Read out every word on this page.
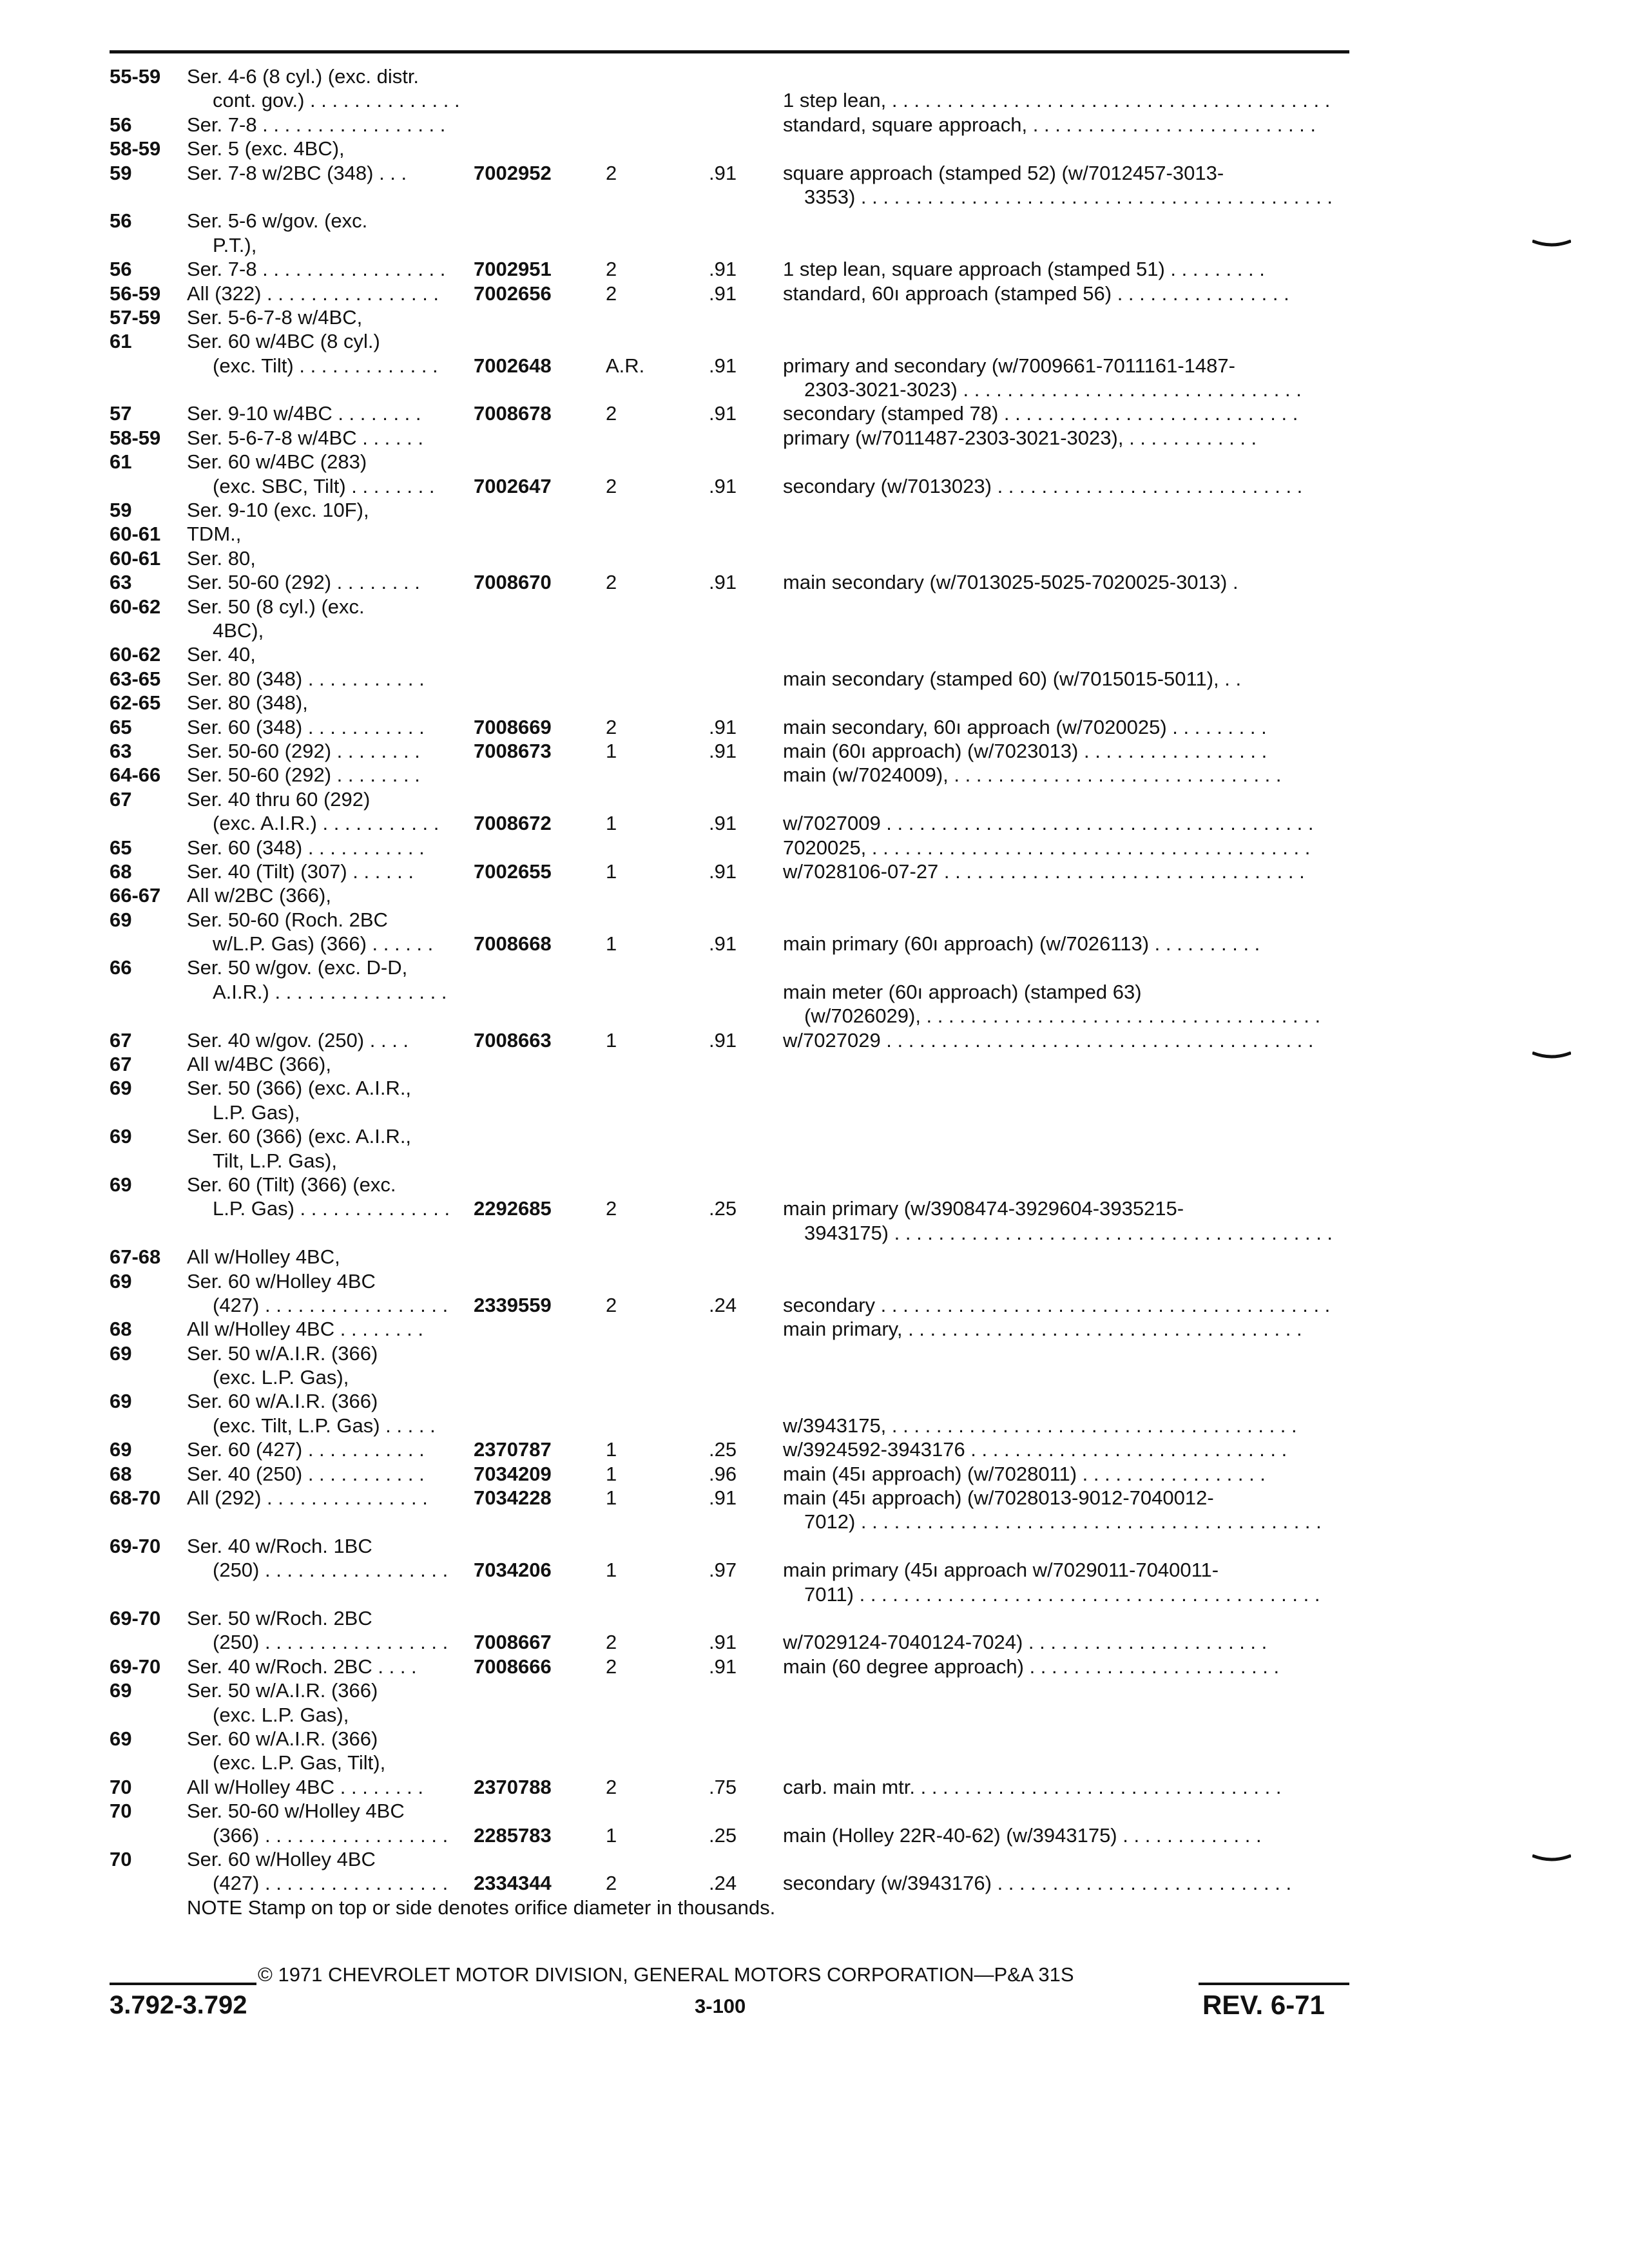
55-59 Ser. 4-6 (8 cyl.) (exc. distr.
cont. gov.) . . . . . . . . . . . . . .	1 step lean, . . . . . . . . . . . . . . . . . . . . . . . . . . . . . . . . . . . . . . . .
56	Ser. 7-8 . . . . . . . . . . . . . . . . .	standard, square approach, . . . . . . . . . . . . . . . . . . . . . . . . . .
58-59 Ser. 5 (exc. 4BC),
59	Ser. 7-8 w/2BC (348) . . .	7002952	2	.91 square approach (stamped 52) (w/7012457-3013-
3353) . . . . . . . . . . . . . . . . . . . . . . . . . . . . . . . . . . . . . . . . . . .
56	Ser. 5-6 w/gov. (exc.
P.T.),
56	Ser. 7-8 . . . . . . . . . . . . . . . . . 7002951	2	.91 1 step lean, square approach (stamped 51) . . . . . . . . .
56-59 All (322) . . . . . . . . . . . . . . . . 7002656	2	.91 standard, 60ı approach (stamped 56) . . . . . . . . . . . . . . . .
57-59 Ser. 5-6-7-8 w/4BC,
61	Ser. 60 w/4BC (8 cyl.)
(exc. Tilt) . . . . . . . . . . . . . 7002648	A.R.	.91 primary and secondary (w/7009661-7011161-1487-
2303-3021-3023) . . . . . . . . . . . . . . . . . . . . . . . . . . . . . . .
57	Ser. 9-10 w/4BC . . . . . . . .	7008678	2	.91 secondary (stamped 78) . . . . . . . . . . . . . . . . . . . . . . . . . . .
58-59 Ser. 5-6-7-8 w/4BC . . . . . .	primary (w/7011487-2303-3021-3023), . . . . . . . . . . . .
61	Ser. 60 w/4BC (283)
(exc. SBC, Tilt) . . . . . . . . 7002647	2	.91 secondary (w/7013023) . . . . . . . . . . . . . . . . . . . . . . . . . . . .
59	Ser. 9-10 (exc. 10F),
60-61 TDM.,
60-61 Ser. 80,
63	Ser. 50-60 (292) . . . . . . . .	7008670	2	.91 main secondary (w/7013025-5025-7020025-3013) .
60-62 Ser. 50 (8 cyl.) (exc.
4BC),
60-62 Ser. 40,
63-65 Ser. 80 (348) . . . . . . . . . . .	main secondary (stamped 60) (w/7015015-5011), . .
62-65 Ser. 80 (348),
65	Ser. 60 (348) . . . . . . . . . . . 7008669	2	.91 main secondary, 60ı approach (w/7020025) . . . . . . . . .
63	Ser. 50-60 (292) . . . . . . . .	7008673	1	.91 main (60ı approach) (w/7023013) . . . . . . . . . . . . . . . . .
64-66 Ser. 50-60 (292) . . . . . . . .	main (w/7024009), . . . . . . . . . . . . . . . . . . . . . . . . . . . . . .
67	Ser. 40 thru 60 (292)
(exc. A.I.R.) . . . . . . . . . . . 7008672	1	.91 w/7027009 . . . . . . . . . . . . . . . . . . . . . . . . . . . . . . . . . . . . . . .
65	Ser. 60 (348) . . . . . . . . . . .	7020025, . . . . . . . . . . . . . . . . . . . . . . . . . . . . . . . . . . . . . . . .
68	Ser. 40 (Tilt) (307) . . . . . .	7002655	1	.91 w/7028106-07-27 . . . . . . . . . . . . . . . . . . . . . . . . . . . . . . . . .
66-67 All w/2BC (366),
69	Ser. 50-60 (Roch. 2BC
w/L.P. Gas) (366) . . . . . . 7008668	1	.91 main primary (60ı approach) (w/7026113) . . . . . . . . . .
66	Ser. 50 w/gov. (exc. D-D,
A.I.R.) . . . . . . . . . . . . . . . .	main meter (60ı approach) (stamped 63)
(w/7026029), . . . . . . . . . . . . . . . . . . . . . . . . . . . . . . . . . . . .
67	Ser. 40 w/gov. (250) . . . .	7008663	1	.91 w/7027029 . . . . . . . . . . . . . . . . . . . . . . . . . . . . . . . . . . . . . . .
67	All w/4BC (366),
69	Ser. 50 (366) (exc. A.I.R.,
L.P. Gas),
69	Ser. 60 (366) (exc. A.I.R.,
Tilt, L.P. Gas),
69	Ser. 60 (Tilt) (366) (exc.
L.P. Gas) . . . . . . . . . . . . . . 2292685	2	.25 main primary (w/3908474-3929604-3935215-
3943175) . . . . . . . . . . . . . . . . . . . . . . . . . . . . . . . . . . . . . . . .
67-68 All w/Holley 4BC,
69	Ser. 60 w/Holley 4BC
(427) . . . . . . . . . . . . . . . . . 2339559	2	.24 secondary . . . . . . . . . . . . . . . . . . . . . . . . . . . . . . . . . . . . . . . . .
68	All w/Holley 4BC . . . . . . . .	main primary, . . . . . . . . . . . . . . . . . . . . . . . . . . . . . . . . . . . .
69	Ser. 50 w/A.I.R. (366)
(exc. L.P. Gas),
69	Ser. 60 w/A.I.R. (366)
(exc. Tilt, L.P. Gas) . . . . .	w/3943175, . . . . . . . . . . . . . . . . . . . . . . . . . . . . . . . . . . . . .
69	Ser. 60 (427) . . . . . . . . . . . 2370787	1	.25 w/3924592-3943176 . . . . . . . . . . . . . . . . . . . . . . . . . . . . .
68	Ser. 40 (250) . . . . . . . . . . . 7034209	1	.96 main (45ı approach) (w/7028011) . . . . . . . . . . . . . . . . .
68-70 All (292) . . . . . . . . . . . . . . . 7034228	1	.91 main (45ı approach) (w/7028013-9012-7040012-
7012) . . . . . . . . . . . . . . . . . . . . . . . . . . . . . . . . . . . . . . . . . .
69-70 Ser. 40 w/Roch. 1BC
(250) . . . . . . . . . . . . . . . . . 7034206	1	.97 main primary (45ı approach w/7029011-7040011-
7011) . . . . . . . . . . . . . . . . . . . . . . . . . . . . . . . . . . . . . . . . . .
69-70 Ser. 50 w/Roch. 2BC
(250) . . . . . . . . . . . . . . . . . 7008667	2	.91 w/7029124-7040124-7024) . . . . . . . . . . . . . . . . . . . . . .
69-70 Ser. 40 w/Roch. 2BC . . . .	7008666	2	.91 main (60 degree approach) . . . . . . . . . . . . . . . . . . . . . . .
69	Ser. 50 w/A.I.R. (366)
(exc. L.P. Gas),
69	Ser. 60 w/A.I.R. (366)
(exc. L.P. Gas, Tilt),
70	All w/Holley 4BC . . . . . . . .	2370788	2	.75 carb. main mtr. . . . . . . . . . . . . . . . . . . . . . . . . . . . . . . . . .
70	Ser. 50-60 w/Holley 4BC
(366) . . . . . . . . . . . . . . . . . 2285783	1	.25 main (Holley 22R-40-62) (w/3943175) . . . . . . . . . . . . .
70	Ser. 60 w/Holley 4BC
(427) . . . . . . . . . . . . . . . . . 2334344	2	.24 secondary (w/3943176) . . . . . . . . . . . . . . . . . . . . . . . . . . .
NOTE Stamp on top or side denotes orifice diameter in thousands.
© 1971 CHEVROLET MOTOR DIVISION, GENERAL MOTORS CORPORATION—P&A 31S
3.792-3.792	3-100	REV. 6-71
